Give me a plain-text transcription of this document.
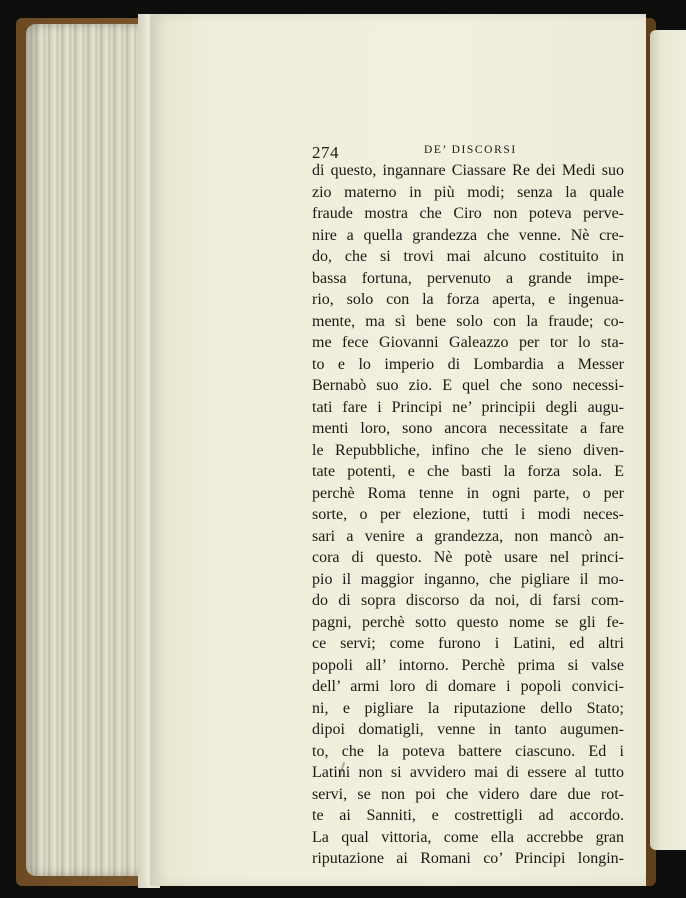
274	DE’ DISCORSI
di questo, ingannare Ciassare Re dei Medi suo
zio materno in più modi; senza la quale
fraude mostra che Ciro non poteva perve-
nire a quella grandezza che venne. Nè cre-
do, che si trovi mai alcuno costituito in
bassa fortuna, pervenuto a grande impe-
rio, solo con la forza aperta, e ingenua-
mente, ma sì bene solo con la fraude; co-
me fece Giovanni Galeazzo per tor lo sta-
to e lo imperio di Lombardia a Messer
Bernabò suo zio. E quel che sono necessi-
tati fare i Principi ne’ principii degli augu-
menti loro, sono ancora necessitate a fare
le Repubbliche, infino che le sieno diven-
tate potenti, e che basti la forza sola. E
perchè Roma tenne in ogni parte, o per
sorte, o per elezione, tutti i modi neces-
sari a venire a grandezza, non mancò an-
cora di questo. Nè potè usare nel princi-
pio il maggior inganno, che pigliare il mo-
do di sopra discorso da noi, di farsi com-
pagni, perchè sotto questo nome se gli fe-
ce servi; come furono i Latini, ed altri
popoli all’ intorno. Perchè prima si valse
dell’ armi loro di domare i popoli convici-
ni, e pigliare la riputazione dello Stato;
dipoi domatigli, venne in tanto augumen-
to, che la poteva battere ciascuno. Ed i
Latini non si avvidero mai di essere al tutto
servi, se non poi che videro dare due rot-
te ai Sanniti, e costrettigli ad accordo.
La qual vittoria, come ella accrebbe gran
riputazione ai Romani co’ Principi longin-
